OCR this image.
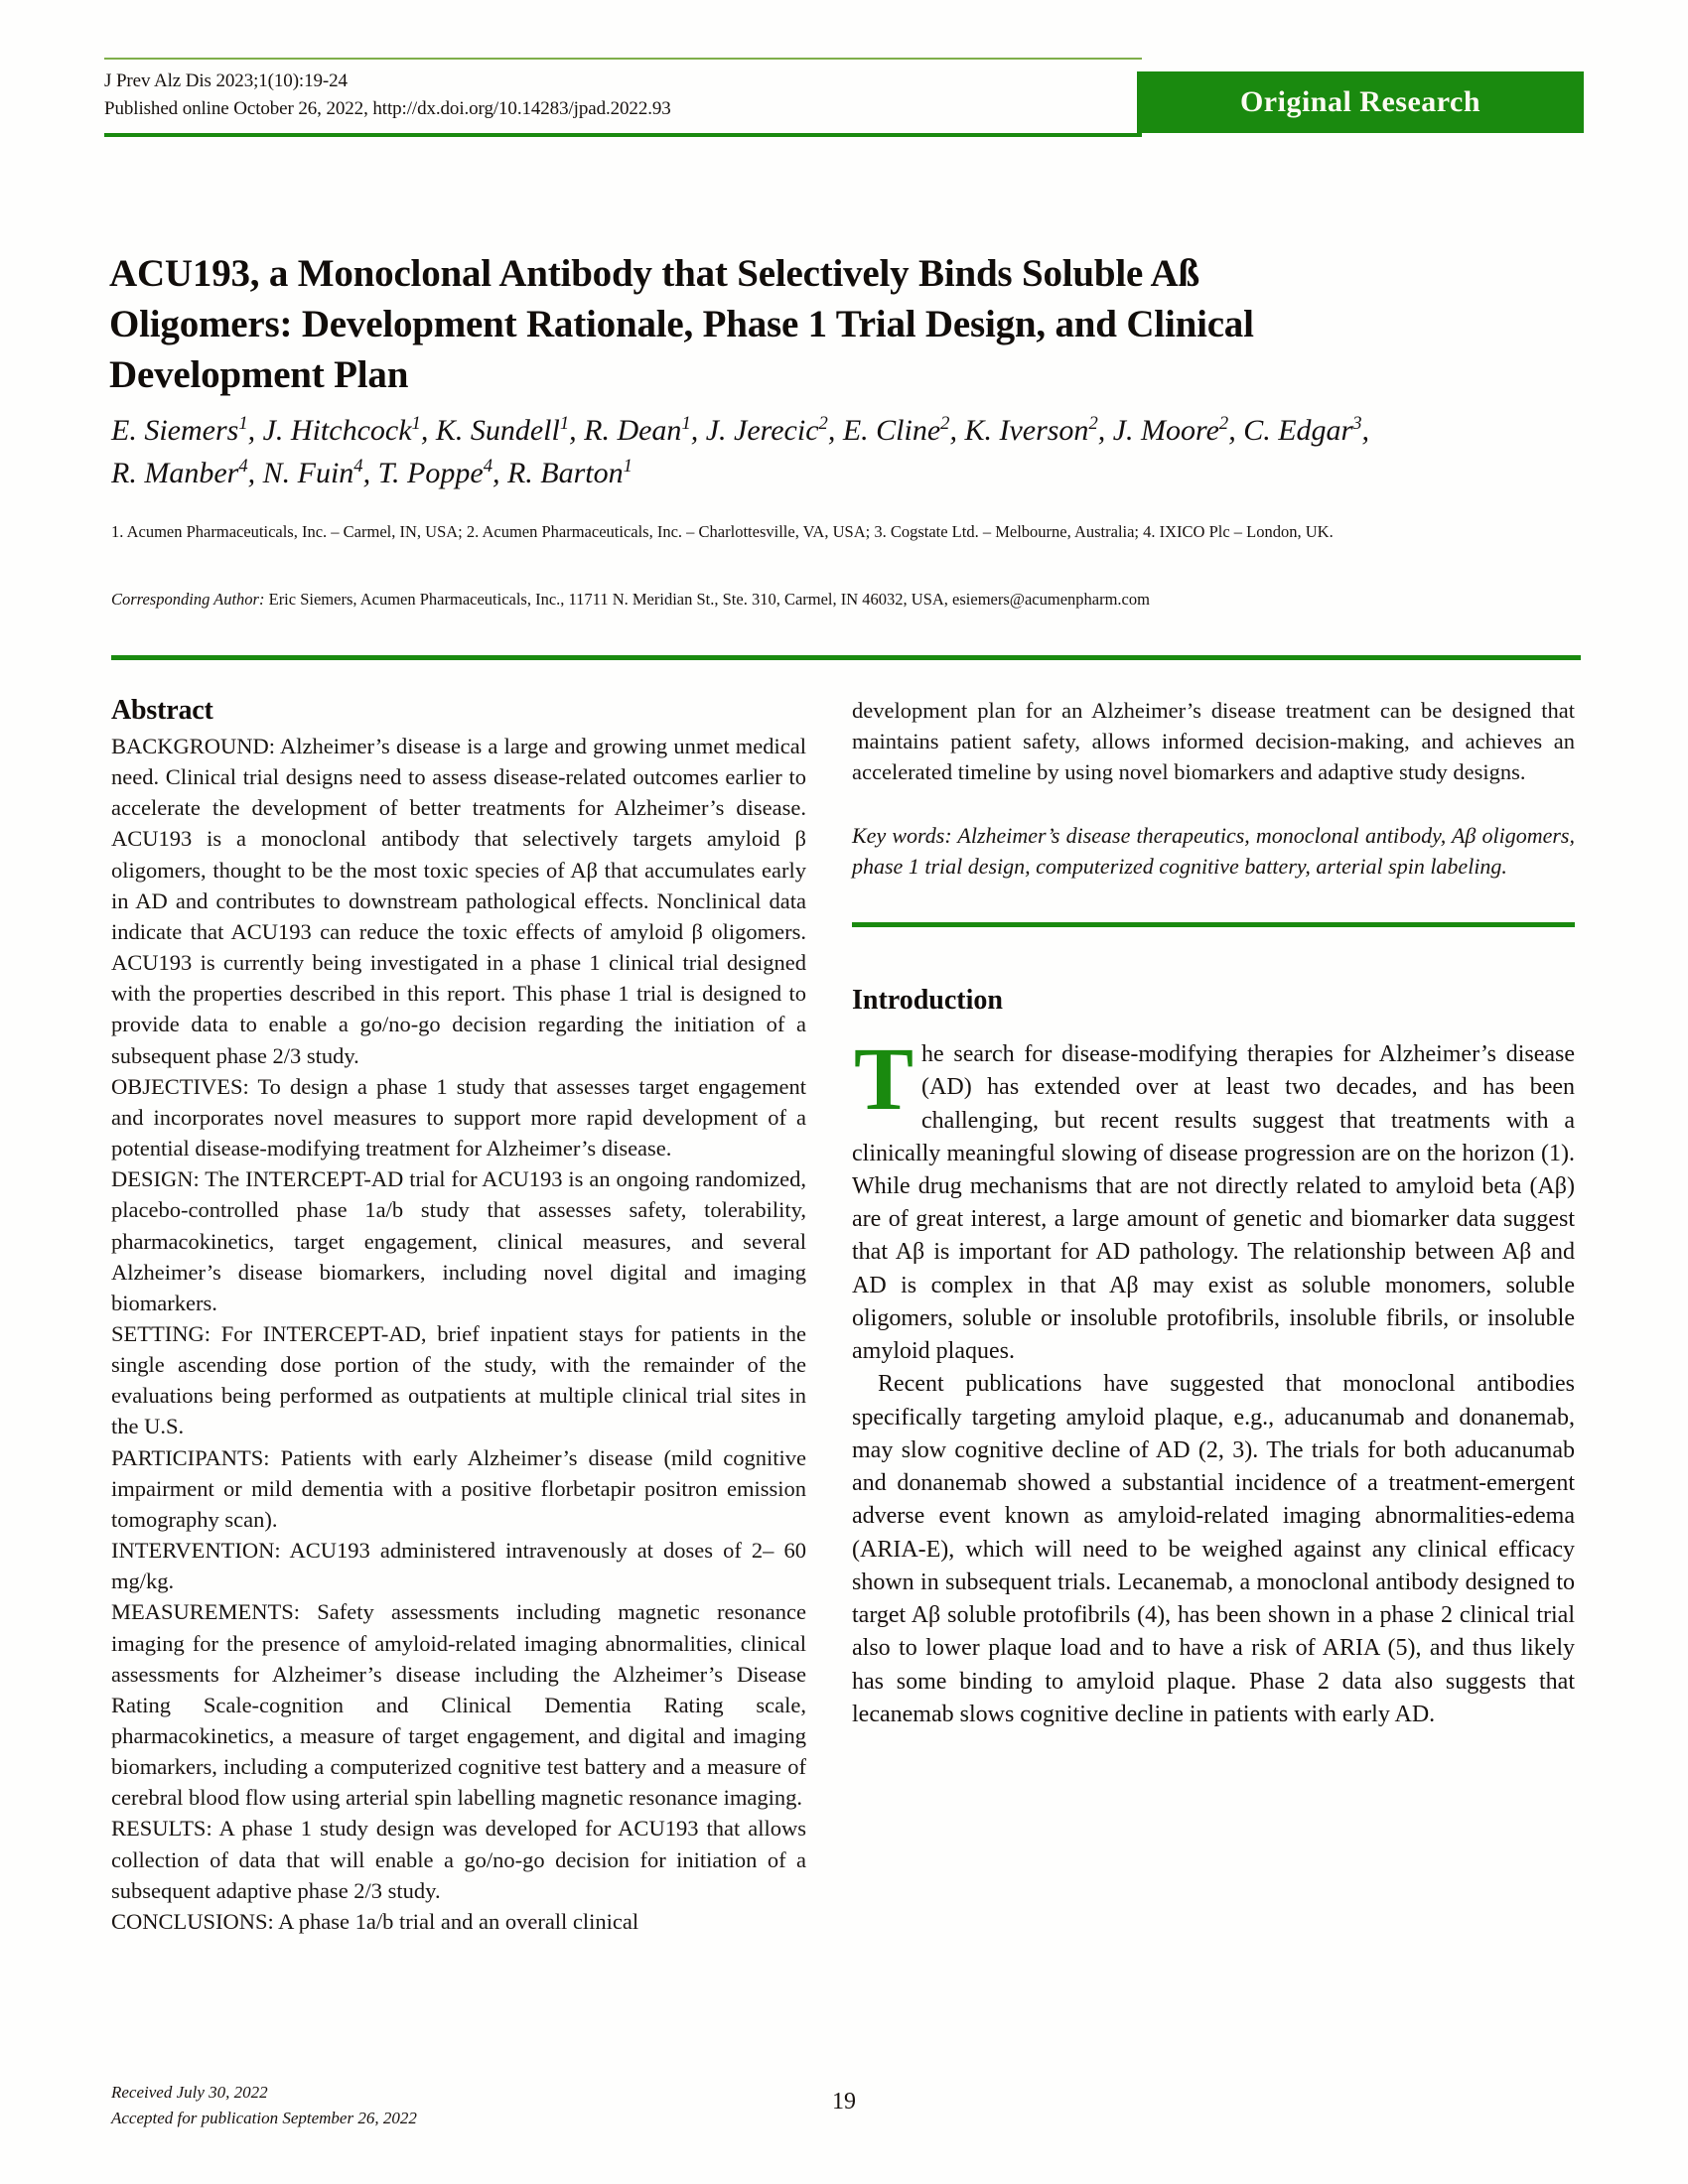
J Prev Alz Dis 2023;1(10):19-24
Published online October 26, 2022, http://dx.doi.org/10.14283/jpad.2022.93	Original Research
ACU193, a Monoclonal Antibody that Selectively Binds Soluble Aß
Oligomers: Development Rationale, Phase 1 Trial Design, and Clinical
Development Plan
E. Siemers$^1$, J. Hitchcock$^1$, K. Sundell$^1$, R. Dean$^1$, J. Jerecic$^2$, E. Cline$^2$, K. Iverson$^2$, J. Moore$^2$, C. Edgar$^3$,
R. Manber$^4$, N. Fuin$^4$, T. Poppe$^4$, R. Barton$^1$
1. Acumen Pharmaceuticals, Inc. – Carmel, IN, USA; 2. Acumen Pharmaceuticals, Inc. – Charlottesville, VA, USA; 3. Cogstate Ltd. – Melbourne, Australia; 4. IXICO Plc – London, UK.
Corresponding Author: Eric Siemers, Acumen Pharmaceuticals, Inc., 11711 N. Meridian St., Ste. 310, Carmel, IN 46032, USA, esiemers@acumenpharm.com
Abstract

BACKGROUND: Alzheimer’s disease is a large and growing unmet medical need. Clinical trial designs need to assess disease-related outcomes earlier to accelerate the development of better treatments for Alzheimer’s disease. ACU193 is a monoclonal antibody that selectively targets amyloid β oligomers, thought to be the most toxic species of Aβ that accumulates early in AD and contributes to downstream pathological effects. Nonclinical data indicate that ACU193 can reduce the toxic effects of amyloid β oligomers. ACU193 is currently being investigated in a phase 1 clinical trial designed with the properties described in this report. This phase 1 trial is designed to provide data to enable a go/no-go decision regarding the initiation of a subsequent phase 2/3 study.

OBJECTIVES: To design a phase 1 study that assesses target engagement and incorporates novel measures to support more rapid development of a potential disease-modifying treatment for Alzheimer’s disease.

DESIGN: The INTERCEPT-AD trial for ACU193 is an ongoing randomized, placebo-controlled phase 1a/b study that assesses safety, tolerability, pharmacokinetics, target engagement, clinical measures, and several Alzheimer’s disease biomarkers, including novel digital and imaging biomarkers.

SETTING: For INTERCEPT-AD, brief inpatient stays for patients in the single ascending dose portion of the study, with the remainder of the evaluations being performed as outpatients at multiple clinical trial sites in the U.S.

PARTICIPANTS: Patients with early Alzheimer’s disease (mild cognitive impairment or mild dementia with a positive florbetapir positron emission tomography scan).

INTERVENTION: ACU193 administered intravenously at doses of 2– 60 mg/kg.

MEASUREMENTS: Safety assessments including magnetic resonance imaging for the presence of amyloid-related imaging abnormalities, clinical assessments for Alzheimer’s disease including the Alzheimer’s Disease Rating Scale-cognition and Clinical Dementia Rating scale, pharmacokinetics, a measure of target engagement, and digital and imaging biomarkers, including a computerized cognitive test battery and a measure of cerebral blood flow using arterial spin labelling magnetic resonance imaging.

RESULTS: A phase 1 study design was developed for ACU193 that allows collection of data that will enable a go/no-go decision for initiation of a subsequent adaptive phase 2/3 study.

CONCLUSIONS: A phase 1a/b trial and an overall clinical

development plan for an Alzheimer’s disease treatment can be designed that maintains patient safety, allows informed decision-making, and achieves an accelerated timeline by using novel biomarkers and adaptive study designs.

Key words: Alzheimer’s disease therapeutics, monoclonal antibody, Aβ oligomers, phase 1 trial design, computerized cognitive battery, arterial spin labeling.
Introduction

The search for disease-modifying therapies for Alzheimer’s disease (AD) has extended over at least two decades, and has been challenging, but recent results suggest that treatments with a clinically meaningful slowing of disease progression are on the horizon (1). While drug mechanisms that are not directly related to amyloid beta (Aβ) are of great interest, a large amount of genetic and biomarker data suggest that Aβ is important for AD pathology. The relationship between Aβ and AD is complex in that Aβ may exist as soluble monomers, soluble oligomers, soluble or insoluble protofibrils, insoluble fibrils, or insoluble amyloid plaques.

Recent publications have suggested that monoclonal antibodies specifically targeting amyloid plaque, e.g., aducanumab and donanemab, may slow cognitive decline of AD (2, 3). The trials for both aducanumab and donanemab showed a substantial incidence of a treatment-emergent adverse event known as amyloid-related imaging abnormalities-edema (ARIA-E), which will need to be weighed against any clinical efficacy shown in subsequent trials. Lecanemab, a monoclonal antibody designed to target Aβ soluble protofibrils (4), has been shown in a phase 2 clinical trial also to lower plaque load and to have a risk of ARIA (5), and thus likely has some binding to amyloid plaque. Phase 2 data also suggests that lecanemab slows cognitive decline in patients with early AD.

Received July 30, 2022
Accepted for publication September 26, 2022
19
